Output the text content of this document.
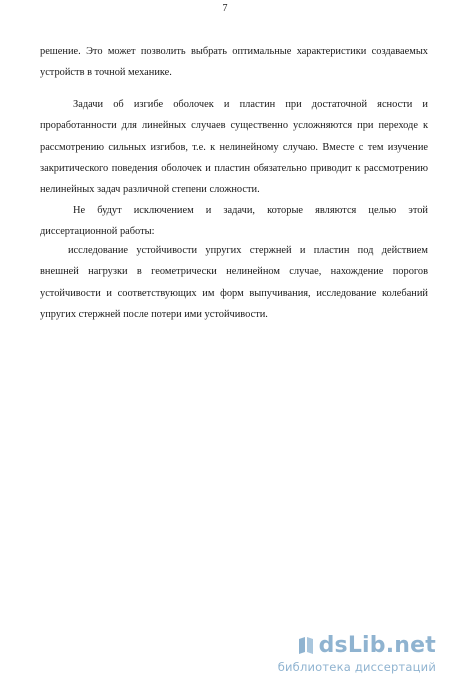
7
решение. Это может позволить выбрать оптимальные характеристики создаваемых
устройств в точной механике.
Задачи об изгибе оболочек и пластин при достаточной ясности и
проработанности для линейных случаев существенно усложняются при переходе к
рассмотрению сильных изгибов, т.е. к нелинейному случаю. Вместе с тем изучение
закритического поведения оболочек и пластин обязательно приводит к рассмотрению
нелинейных задач различной степени сложности.
Не будут исключением и задачи, которые являются целью этой
диссертационной работы:
исследование устойчивости упругих стержней и пластин под действием
внешней нагрузки в геометрически нелинейном случае, нахождение порогов
устойчивости и соответствующих им форм выпучивания, исследование колебаний
упругих стержней после потери ими устойчивости.
dsLib.net
библиотека диссертаций
